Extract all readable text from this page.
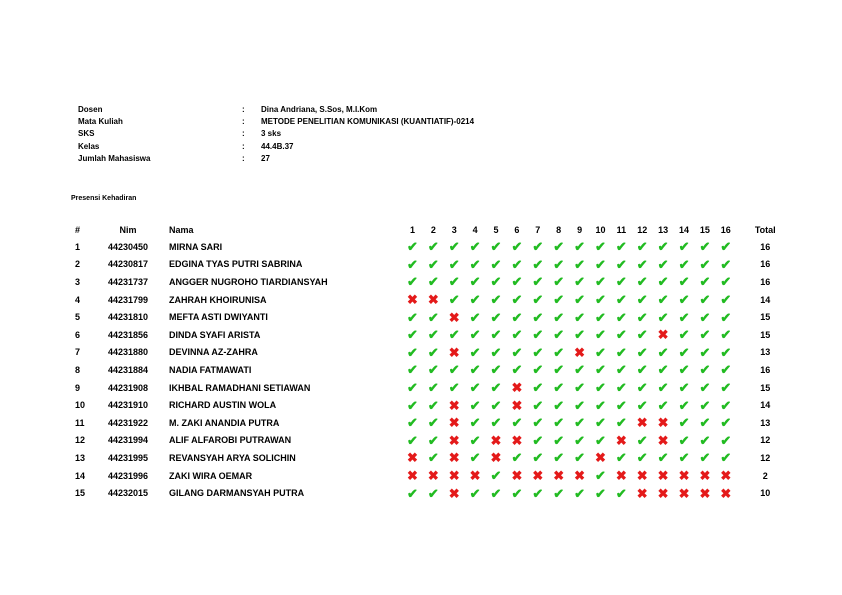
Dosen	: Dina Andriana, S.Sos, M.I.Kom
Mata Kuliah	: METODE PENELITIAN KOMUNIKASI (KUANTIATIF)-0214
SKS	: 3 sks
Kelas	: 44.4B.37
Jumlah Mahasiswa	: 27
Presensi Kehadiran
#	Nim	Nama	1	2	3	4	5	6	7	8	9	10	11	12	13	14	15	16	Total
1	44230450	MIRNA SARI	✔	✔	✔	✔	✔	✔	✔	✔	✔	✔	✔	✔	✔	✔	✔	✔	16
2	44230817	EDGINA TYAS PUTRI SABRINA	✔	✔	✔	✔	✔	✔	✔	✔	✔	✔	✔	✔	✔	✔	✔	✔	16
3	44231737	ANGGER NUGROHO TIARDIANSYAH	✔	✔	✔	✔	✔	✔	✔	✔	✔	✔	✔	✔	✔	✔	✔	✔	16
4	44231799	ZAHRAH KHOIRUNISA	✖	✖	✔	✔	✔	✔	✔	✔	✔	✔	✔	✔	✔	✔	✔	✔	14
5	44231810	MEFTA ASTI DWIYANTI	✔	✔	✖	✔	✔	✔	✔	✔	✔	✔	✔	✔	✔	✔	✔	✔	15
6	44231856	DINDA SYAFI ARISTA	✔	✔	✔	✔	✔	✔	✔	✔	✔	✔	✔	✔	✖	✔	✔	✔	15
7	44231880	DEVINNA AZ-ZAHRA	✔	✔	✖	✔	✔	✔	✔	✔	✖	✔	✔	✔	✔	✔	✔	✔	13
8	44231884	NADIA FATMAWATI	✔	✔	✔	✔	✔	✔	✔	✔	✔	✔	✔	✔	✔	✔	✔	✔	16
9	44231908	IKHBAL RAMADHANI SETIAWAN	✔	✔	✔	✔	✔	✖	✔	✔	✔	✔	✔	✔	✔	✔	✔	✔	15
10	44231910	RICHARD AUSTIN WOLA	✔	✔	✖	✔	✔	✖	✔	✔	✔	✔	✔	✔	✔	✔	✔	✔	14
11	44231922	M. ZAKI ANANDIA PUTRA	✔	✔	✖	✔	✔	✔	✔	✔	✔	✔	✔	✖	✖	✔	✔	✔	13
12	44231994	ALIF ALFAROBI PUTRAWAN	✔	✔	✖	✔	✖	✖	✔	✔	✔	✔	✖	✔	✖	✔	✔	✔	12
13	44231995	REVANSYAH ARYA SOLICHIN	✖	✔	✖	✔	✖	✔	✔	✔	✔	✖	✔	✔	✔	✔	✔	✔	12
14	44231996	ZAKI WIRA OEMAR	✖	✖	✖	✖	✔	✖	✖	✖	✖	✔	✖	✖	✖	✖	✖	✖	2
15	44232015	GILANG DARMANSYAH PUTRA	✔	✔	✖	✔	✔	✔	✔	✔	✔	✔	✔	✖	✖	✖	✖	✖	10
